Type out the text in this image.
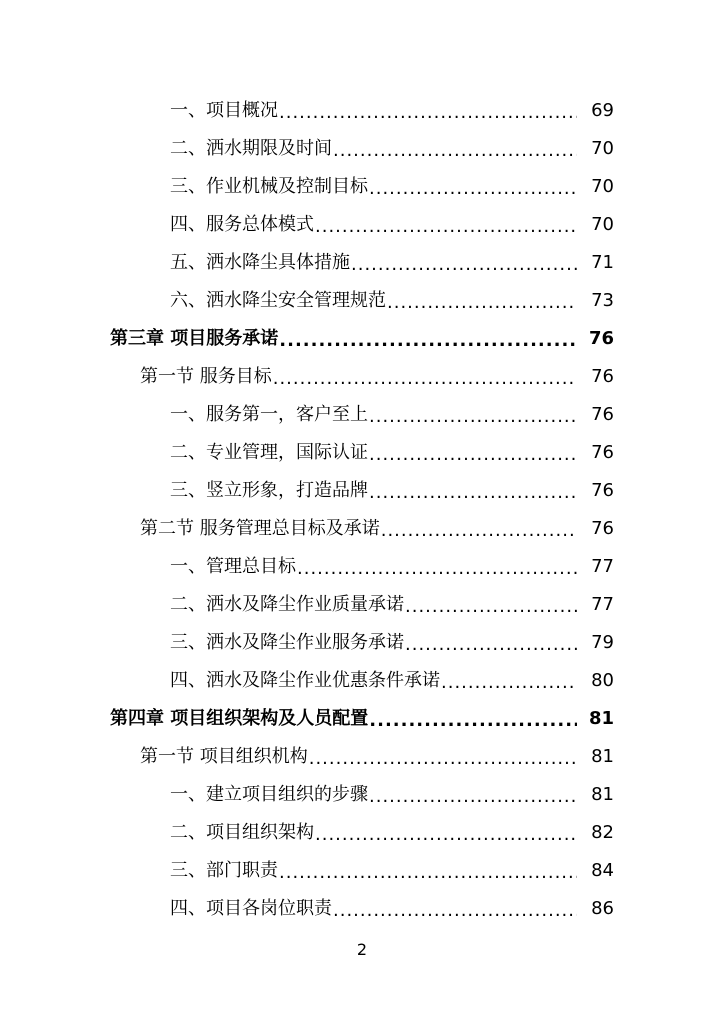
一、项目概况 .....	69
二、洒水期限及时间 .....	70
三、作业机械及控制目标 .....	70
四、服务总体模式 .....	70
五、洒水降尘具体措施 .....	71
六、洒水降尘安全管理规范 .....	73
第三章 项目服务承诺 .....	76
第一节 服务目标 .....	76
一、服务第一，客户至上 .....	76
二、专业管理，国际认证 .....	76
三、竖立形象，打造品牌 .....	76
第二节 服务管理总目标及承诺 .....	76
一、管理总目标 .....	77
二、洒水及降尘作业质量承诺 .....	77
三、洒水及降尘作业服务承诺 .....	79
四、洒水及降尘作业优惠条件承诺 .....	80
第四章 项目组织架构及人员配置 .....	81
第一节 项目组织机构 .....	81
一、建立项目组织的步骤 .....	81
二、项目组织架构 .....	82
三、部门职责 .....	84
四、项目各岗位职责 .....	86
2
